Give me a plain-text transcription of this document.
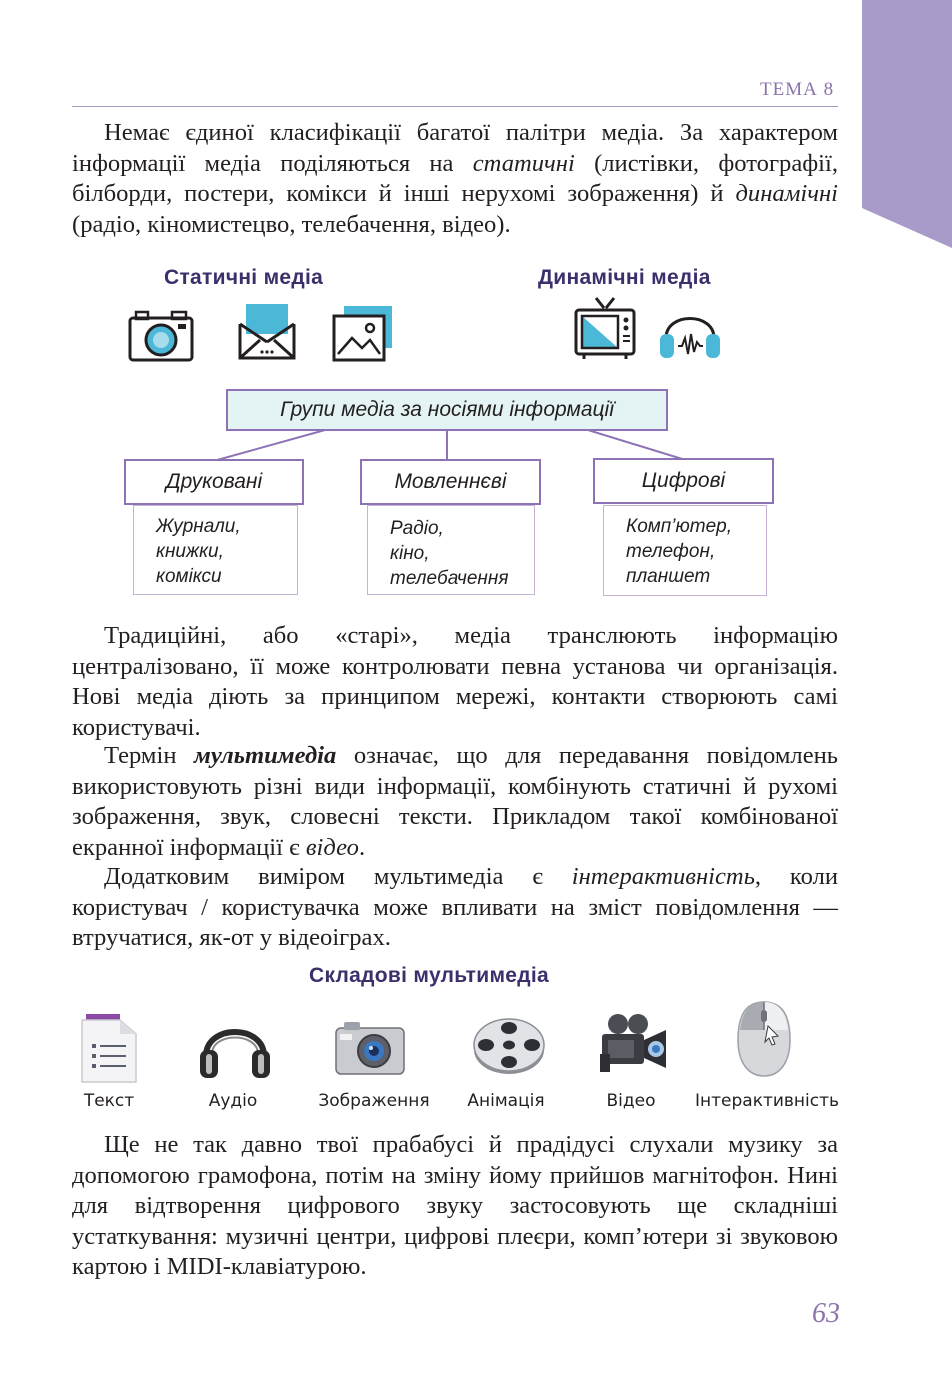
ТЕМА 8

Немає єдиної класифікації багатої палітри медіа. За характером інформації медіа поділяються на статичні (листівки, фотографії, білборди, постери, комікси й інші нерухомі зображення) й динамічні (радіо, кіномистецво, телебачення, відео).

Статичні медіа	Динамічні медіа
Групи медіа за носіями інформації
Друковані	Мовленнєві	Цифрові
Журнали,
книжки,
комікси
Радіо,
кіно,
телебачення
Комп’ютер,
телефон,
планшет

Традиційні, або «старі», медіа транслюють інформацію централізовано, її може контролювати певна установа чи організація. Нові медіа діють за принципом мережі, контакти створюють самі користувачі.

Термін мультимедіа означає, що для передавання повідомлень використовують різні види інформації, комбінують статичні й рухомі зображення, звук, словесні тексти. Прикладом такої комбінованої екранної інформації є відео.

Додатковим виміром мультимедіа є інтерактивність, коли користувач / користувачка може впливати на зміст повідомлення — втручатися, як-от у відеоіграх.

Складові мультимедіа
Текст	Аудіо	Зображення	Анімація	Відео	Інтерактивність

Ще не так давно твої прабабусі й прадідусі слухали музику за допомогою грамофона, потім на зміну йому прийшов магнітофон. Нині для відтворення цифрового звуку застосовують ще складніші устаткування: музичні центри, цифрові плеєри, комп’ютери зі звуковою картою і MIDI-клавіатурою.

63
